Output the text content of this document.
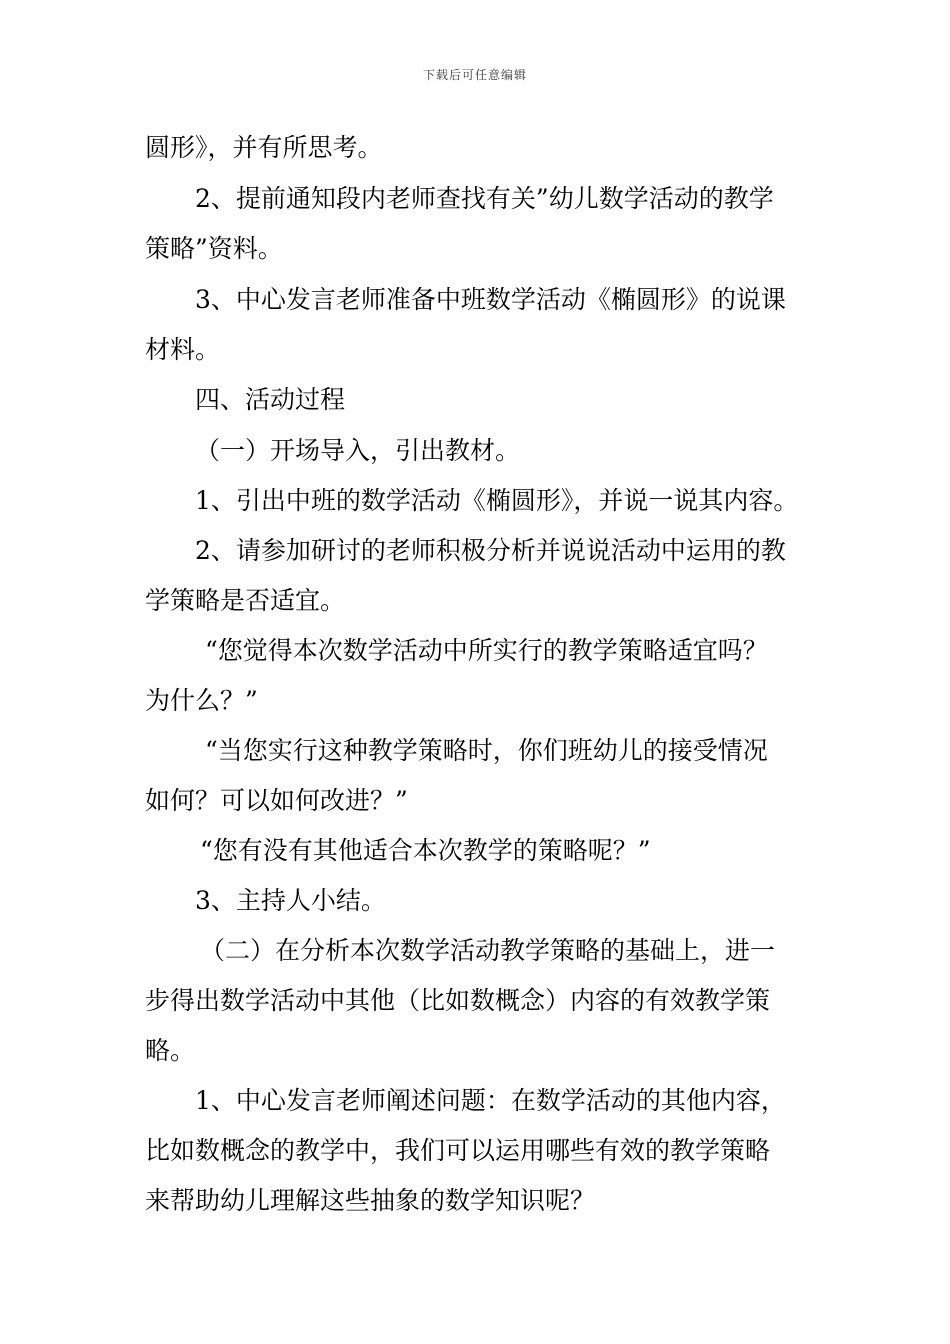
下载后可任意编辑
圆形》，并有所思考。
2、提前通知段内老师查找有关”幼儿数学活动的教学
策略”资料。
3、中心发言老师准备中班数学活动《椭圆形》的说课
材料。
四、活动过程
（一）开场导入，引出教材。
1、引出中班的数学活动《椭圆形》，并说一说其内容。
2、请参加研讨的老师积极分析并说说活动中运用的教
学策略是否适宜。
“您觉得本次数学活动中所实行的教学策略适宜吗？
为什么？”
“当您实行这种教学策略时，你们班幼儿的接受情况
如何？可以如何改进？”
“您有没有其他适合本次教学的策略呢？”
3、主持人小结。
（二）在分析本次数学活动教学策略的基础上，进一
步得出数学活动中其他（比如数概念）内容的有效教学策
略。
1、中心发言老师阐述问题：在数学活动的其他内容，
比如数概念的教学中，我们可以运用哪些有效的教学策略
来帮助幼儿理解这些抽象的数学知识呢？
